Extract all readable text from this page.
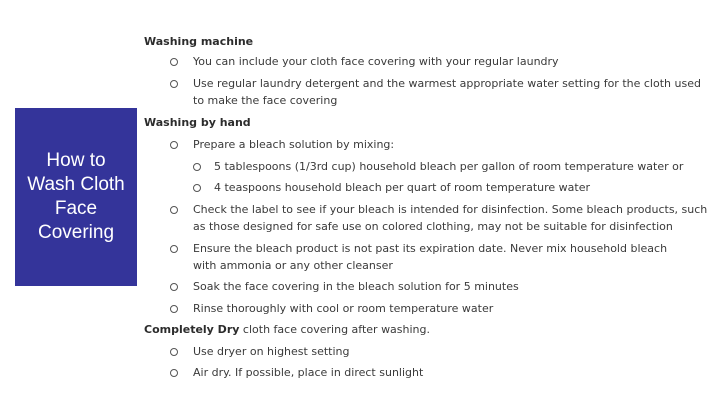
How to Wash Cloth Face Covering
Washing machine
You can include your cloth face covering with your regular laundry
Use regular laundry detergent and the warmest appropriate water setting for the cloth used to make the face covering
Washing by hand
Prepare a bleach solution by mixing:
5 tablespoons (1/3rd cup) household bleach per gallon of room temperature water or
4 teaspoons household bleach per quart of room temperature water
Check the label to see if your bleach is intended for disinfection. Some bleach products, such as those designed for safe use on colored clothing, may not be suitable for disinfection
Ensure the bleach product is not past its expiration date. Never mix household bleach with ammonia or any other cleanser
Soak the face covering in the bleach solution for 5 minutes
Rinse thoroughly with cool or room temperature water
Completely Dry cloth face covering after washing.
Use dryer on highest setting
Air dry. If possible, place in direct sunlight
